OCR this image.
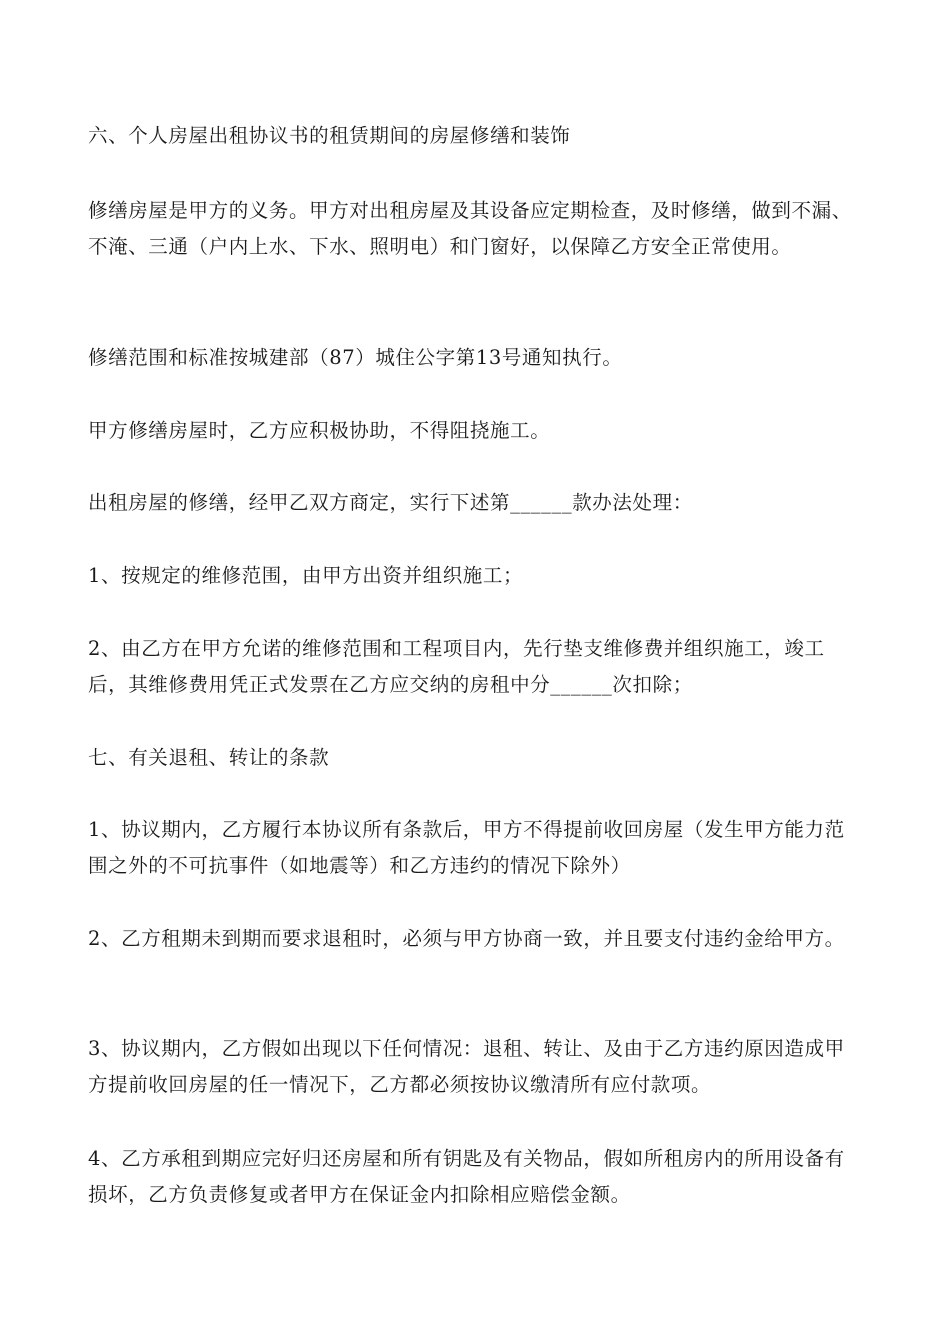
六、个人房屋出租协议书的租赁期间的房屋修缮和装饰

修缮房屋是甲方的义务。甲方对出租房屋及其设备应定期检查，及时修缮，做到不漏、不淹、三通（户内上水、下水、照明电）和门窗好，以保障乙方安全正常使用。

修缮范围和标准按城建部（87）城住公字第13号通知执行。

甲方修缮房屋时，乙方应积极协助，不得阻挠施工。

出租房屋的修缮，经甲乙双方商定，实行下述第______款办法处理：

1、按规定的维修范围，由甲方出资并组织施工；

2、由乙方在甲方允诺的维修范围和工程项目内，先行垫支维修费并组织施工，竣工后，其维修费用凭正式发票在乙方应交纳的房租中分______次扣除；

七、有关退租、转让的条款

1、协议期内，乙方履行本协议所有条款后，甲方不得提前收回房屋（发生甲方能力范围之外的不可抗事件（如地震等）和乙方违约的情况下除外）

2、乙方租期未到期而要求退租时，必须与甲方协商一致，并且要支付违约金给甲方。

3、协议期内，乙方假如出现以下任何情况：退租、转让、及由于乙方违约原因造成甲方提前收回房屋的任一情况下，乙方都必须按协议缴清所有应付款项。

4、乙方承租到期应完好归还房屋和所有钥匙及有关物品，假如所租房内的所用设备有损坏，乙方负责修复或者甲方在保证金内扣除相应赔偿金额。
